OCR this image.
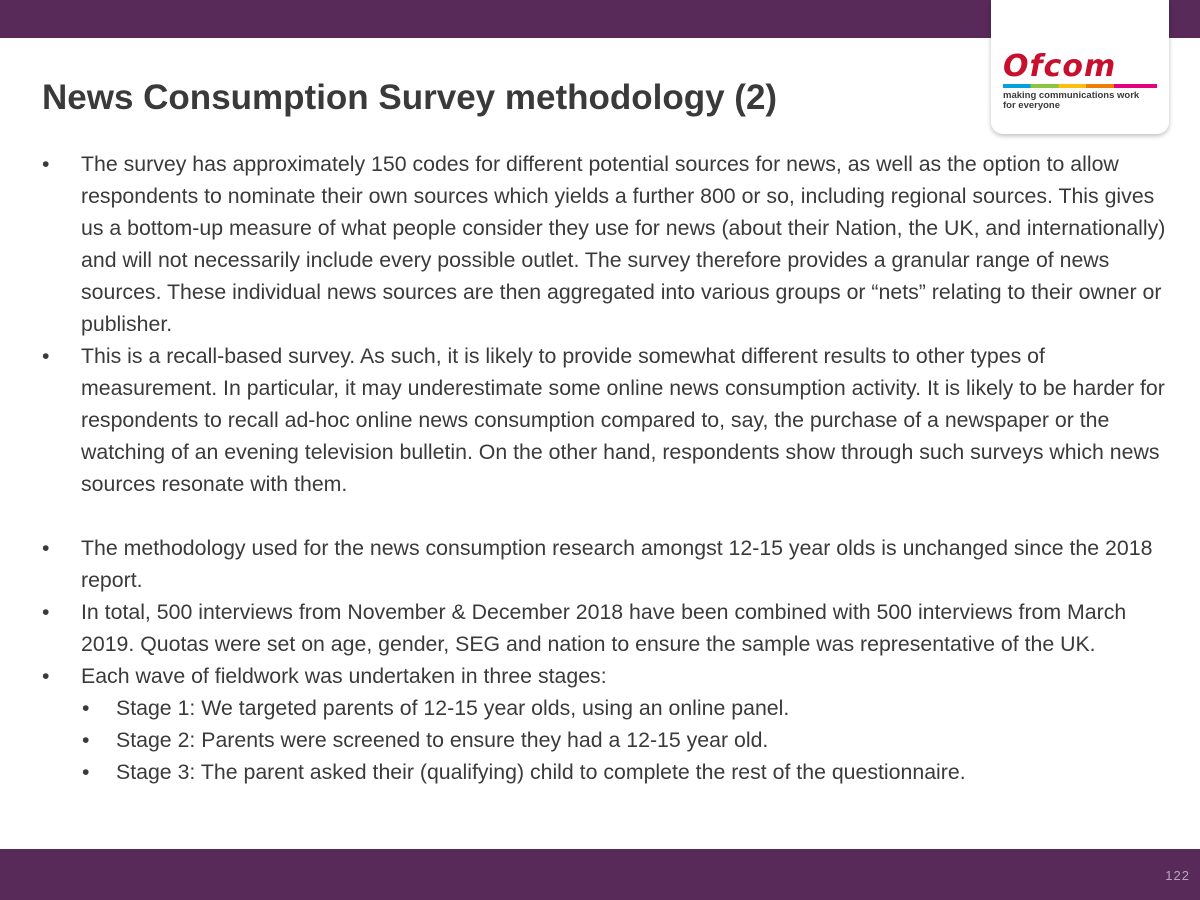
Ofcom
making communications work
for everyone
News Consumption Survey methodology (2)

•	The survey has approximately 150 codes for different potential sources for news, as well as the option to allow respondents to nominate their own sources which yields a further 800 or so, including regional sources. This gives us a bottom-up measure of what people consider they use for news (about their Nation, the UK, and internationally) and will not necessarily include every possible outlet. The survey therefore provides a granular range of news sources. These individual news sources are then aggregated into various groups or “nets” relating to their owner or publisher.

•	This is a recall-based survey. As such, it is likely to provide somewhat different results to other types of measurement. In particular, it may underestimate some online news consumption activity. It is likely to be harder for respondents to recall ad-hoc online news consumption compared to, say, the purchase of a newspaper or the watching of an evening television bulletin. On the other hand, respondents show through such surveys which news sources resonate with them.

•	The methodology used for the news consumption research amongst 12-15 year olds is unchanged since the 2018 report.

•	In total, 500 interviews from November & December 2018 have been combined with 500 interviews from March 2019. Quotas were set on age, gender, SEG and nation to ensure the sample was representative of the UK.

•	Each wave of fieldwork was undertaken in three stages:

•	Stage 1: We targeted parents of 12-15 year olds, using an online panel.

•	Stage 2: Parents were screened to ensure they had a 12-15 year old.

•	Stage 3: The parent asked their (qualifying) child to complete the rest of the questionnaire.

122
